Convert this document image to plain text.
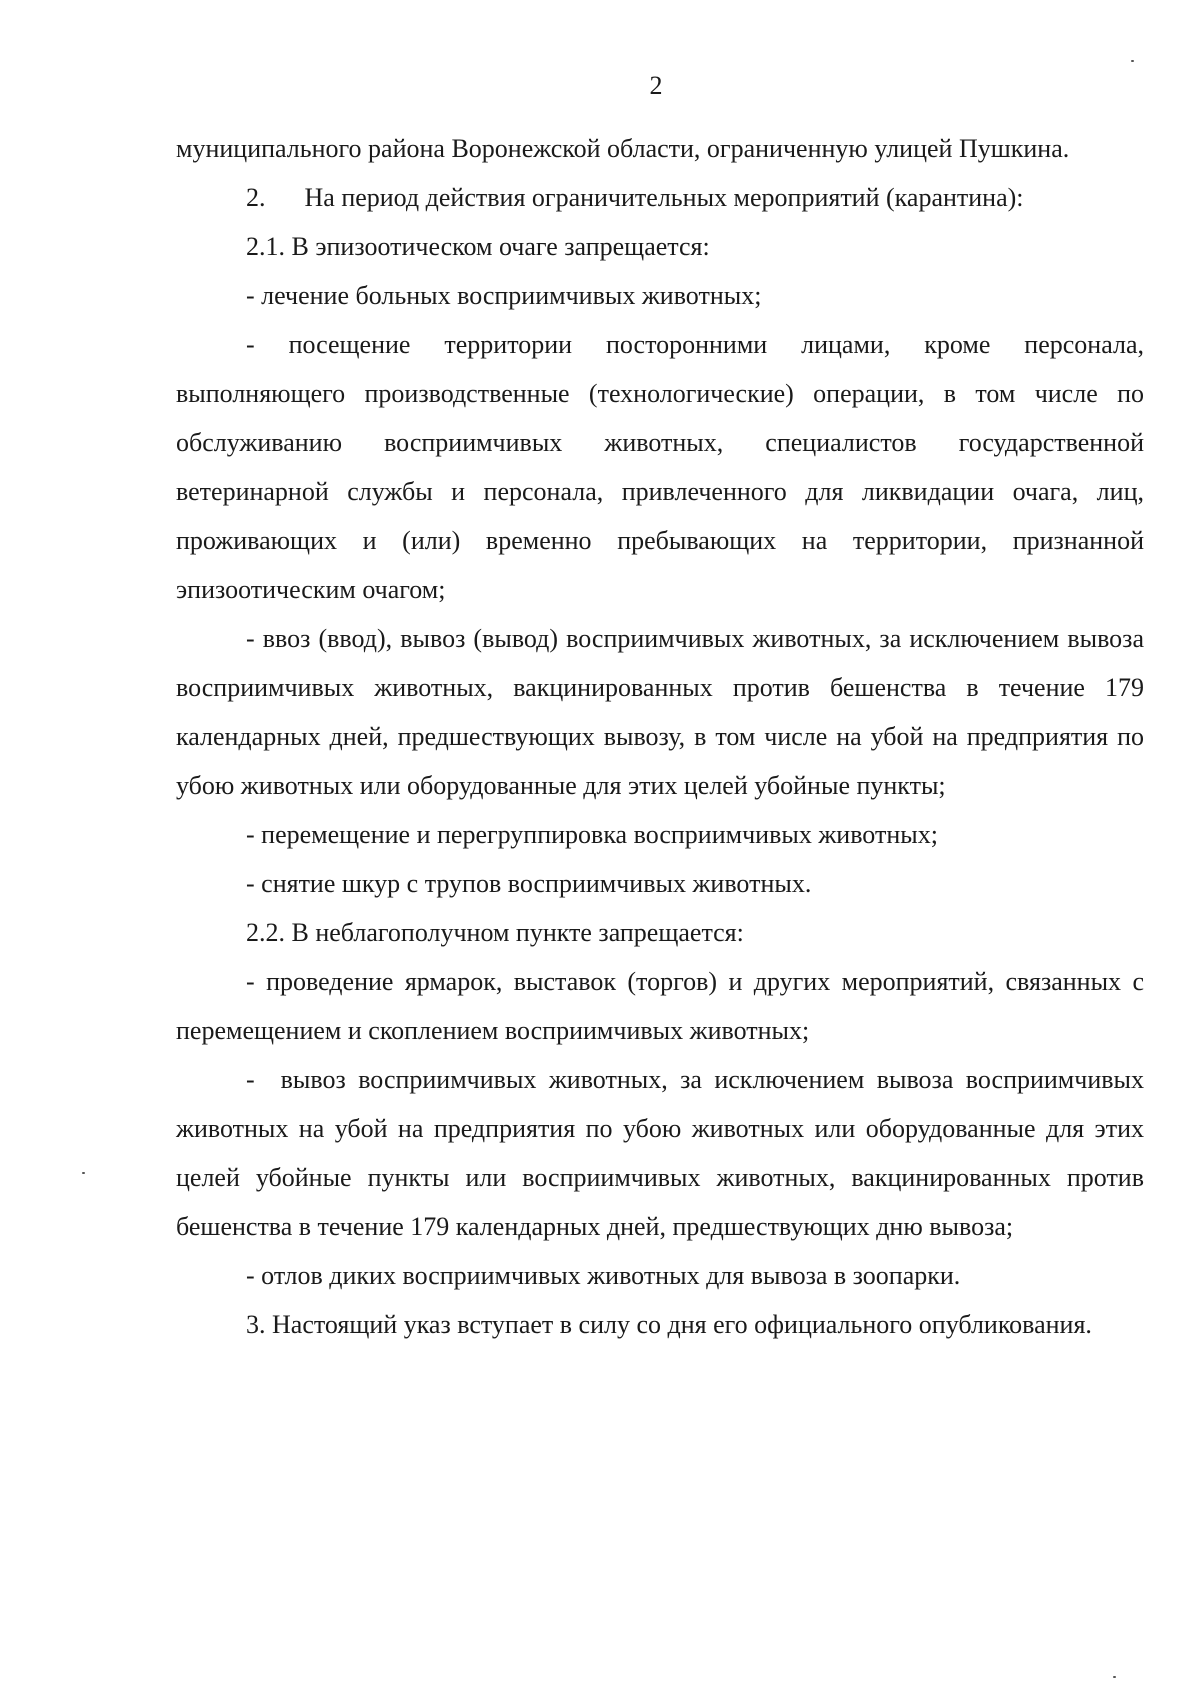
2

муниципального района Воронежской области, ограниченную улицей Пушкина.

2.  На период действия ограничительных мероприятий (карантина):

2.1. В эпизоотическом очаге запрещается:

- лечение больных восприимчивых животных;

- посещение территории посторонними лицами, кроме персонала, выполняющего производственные (технологические) операции, в том числе по обслуживанию восприимчивых животных, специалистов государственной ветеринарной службы и персонала, привлеченного для ликвидации очага, лиц, проживающих и (или) временно пребывающих на территории, признанной эпизоотическим очагом;

- ввоз (ввод), вывоз (вывод) восприимчивых животных, за исключением вывоза восприимчивых животных, вакцинированных против бешенства в течение 179 календарных дней, предшествующих вывозу, в том числе на убой на предприятия по убою животных или оборудованные для этих целей убойные пункты;

- перемещение и перегруппировка восприимчивых животных;

- снятие шкур с трупов восприимчивых животных.

2.2. В неблагополучном пункте запрещается:

- проведение ярмарок, выставок (торгов) и других мероприятий, связанных с перемещением и скоплением восприимчивых животных;

- вывоз восприимчивых животных, за исключением вывоза восприимчивых животных на убой на предприятия по убою животных или оборудованные для этих целей убойные пункты или восприимчивых животных, вакцинированных против бешенства в течение 179 календарных дней, предшествующих дню вывоза;

- отлов диких восприимчивых животных для вывоза в зоопарки.

3. Настоящий указ вступает в силу со дня его официального опубликования.
